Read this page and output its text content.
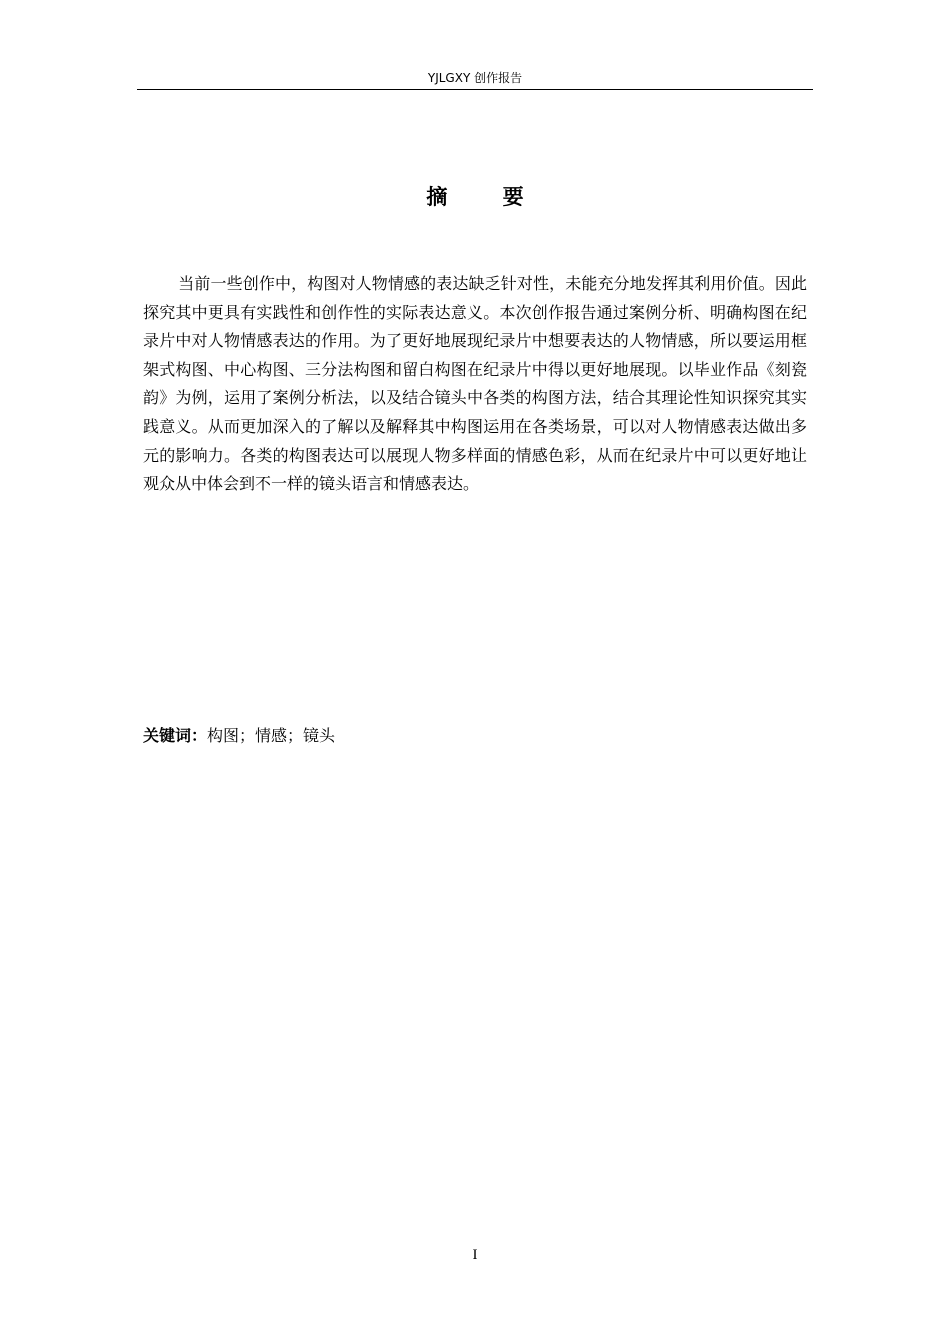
YJLGXY 创作报告
摘 要

当前一些创作中，构图对人物情感的表达缺乏针对性，未能充分地发挥其利用价值。因此探究其中更具有实践性和创作性的实际表达意义。本次创作报告通过案例分析、明确构图在纪录片中对人物情感表达的作用。为了更好地展现纪录片中想要表达的人物情感，所以要运用框架式构图、中心构图、三分法构图和留白构图在纪录片中得以更好地展现。以毕业作品《刻瓷韵》为例，运用了案例分析法，以及结合镜头中各类的构图方法，结合其理论性知识探究其实践意义。从而更加深入的了解以及解释其中构图运用在各类场景，可以对人物情感表达做出多元的影响力。各类的构图表达可以展现人物多样面的情感色彩，从而在纪录片中可以更好地让观众从中体会到不一样的镜头语言和情感表达。

关键词：构图；情感；镜头
I
